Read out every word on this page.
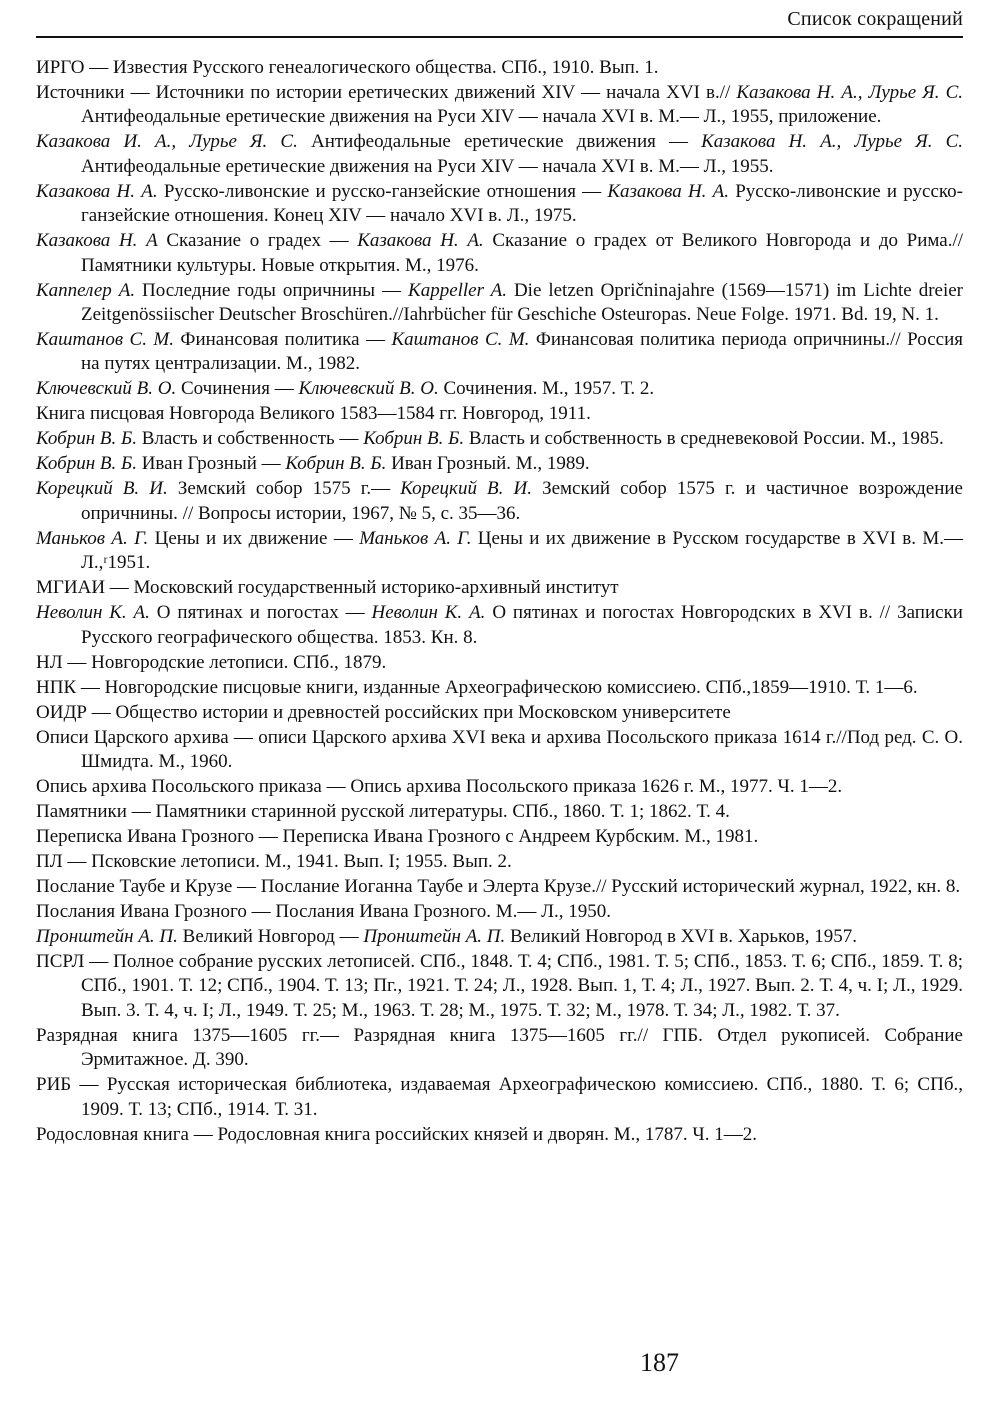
Список сокращений

ИРГО — Известия Русского генеалогического общества. СПб., 1910. Вып. 1.

Источники — Источники по истории еретических движений XIV — начала XVI в.// Казакова Н. А., Лурье Я. С. Антифеодальные еретические движения на Руси XIV — начала XVI в. М.— Л., 1955, приложение.

Казакова И. А., Лурье Я. С. Антифеодальные еретические движения — Казакова Н. А., Лурье Я. С. Антифеодальные еретические движения на Руси XIV — начала XVI в. М.— Л., 1955.

Казакова Н. А. Русско-ливонские и русско-ганзейские отношения — Казакова Н. А. Русско-ливонские и русско-ганзейские отношения. Конец XIV — начало XVI в. Л., 1975.

Казакова Н. А Сказание о градех — Казакова Н. А. Сказание о градех от Великого Новгорода и до Рима.// Памятники культуры. Новые открытия. М., 1976.

Каппелер А. Последние годы опричнины — Kappeller A. Die letzen Opričninajahre (1569—1571) im Lichte dreier Zeitgenössiischer Deutscher Broschüren.//Iahrbücher für Geschiche Osteuropas. Neue Folge. 1971. Bd. 19, N. 1.

Каштанов С. М. Финансовая политика — Каштанов С. М. Финансовая политика периода опричнины.// Россия на путях централизации. М., 1982.

Ключевский В. О. Сочинения — Ключевский В. О. Сочинения. М., 1957. Т. 2.

Книга писцовая Новгорода Великого 1583—1584 гг. Новгород, 1911.

Кобрин В. Б. Власть и собственность — Кобрин В. Б. Власть и собственность в средневековой России. М., 1985.

Кобрин В. Б. Иван Грозный — Кобрин В. Б. Иван Грозный. М., 1989.

Корецкий В. И. Земский собор 1575 г.— Корецкий В. И. Земский собор 1575 г. и частичное возрождение опричнины. // Вопросы истории, 1967, № 5, с. 35—36.

Маньков А. Г. Цены и их движение — Маньков А. Г. Цены и их движение в Русском государстве в XVI в. М.— Л.,ʳ1951.

МГИАИ — Московский государственный историко-архивный институт

Неволин К. А. О пятинах и погостах — Неволин К. А. О пятинах и погостах Новгородских в XVI в. // Записки Русского географического общества. 1853. Кн. 8.

НЛ — Новгородские летописи. СПб., 1879.

НПК — Новгородские писцовые книги, изданные Археографическою комиссиею. СПб.,1859—1910. Т. 1—6.

ОИДР — Общество истории и древностей российских при Московском университете

Описи Царского архива — описи Царского архива XVI века и архива Посольского приказа 1614 г.//Под ред. С. О. Шмидта. М., 1960.

Опись архива Посольского приказа — Опись архива Посольского приказа 1626 г. М., 1977. Ч. 1—2.

Памятники — Памятники старинной русской литературы. СПб., 1860. Т. 1; 1862. Т. 4.

Переписка Ивана Грозного — Переписка Ивана Грозного с Андреем Курбским. М., 1981.

ПЛ — Псковские летописи. М., 1941. Вып. I; 1955. Вып. 2.

Послание Таубе и Крузе — Послание Иоганна Таубе и Элерта Крузе.// Русский исторический журнал, 1922, кн. 8.

Послания Ивана Грозного — Послания Ивана Грозного. М.— Л., 1950.

Пронштейн А. П. Великий Новгород — Пронштейн А. П. Великий Новгород в XVI в. Харьков, 1957.

ПСРЛ — Полное собрание русских летописей. СПб., 1848. Т. 4; СПб., 1981. Т. 5; СПб., 1853. Т. 6; СПб., 1859. Т. 8; СПб., 1901. Т. 12; СПб., 1904. Т. 13; Пг., 1921. Т. 24; Л., 1928. Вып. 1, Т. 4; Л., 1927. Вып. 2. Т. 4, ч. I; Л., 1929. Вып. 3. Т. 4, ч. I; Л., 1949. Т. 25; М., 1963. Т. 28; М., 1975. Т. 32; М., 1978. Т. 34; Л., 1982. Т. 37.

Разрядная книга 1375—1605 гг.— Разрядная книга 1375—1605 гг.// ГПБ. Отдел рукописей. Собрание Эрмитажное. Д. 390.

РИБ — Русская историческая библиотека, издаваемая Археографическою комиссиею. СПб., 1880. Т. 6; СПб., 1909. Т. 13; СПб., 1914. Т. 31.

Родословная книга — Родословная книга российских князей и дворян. М., 1787. Ч. 1—2.

187
